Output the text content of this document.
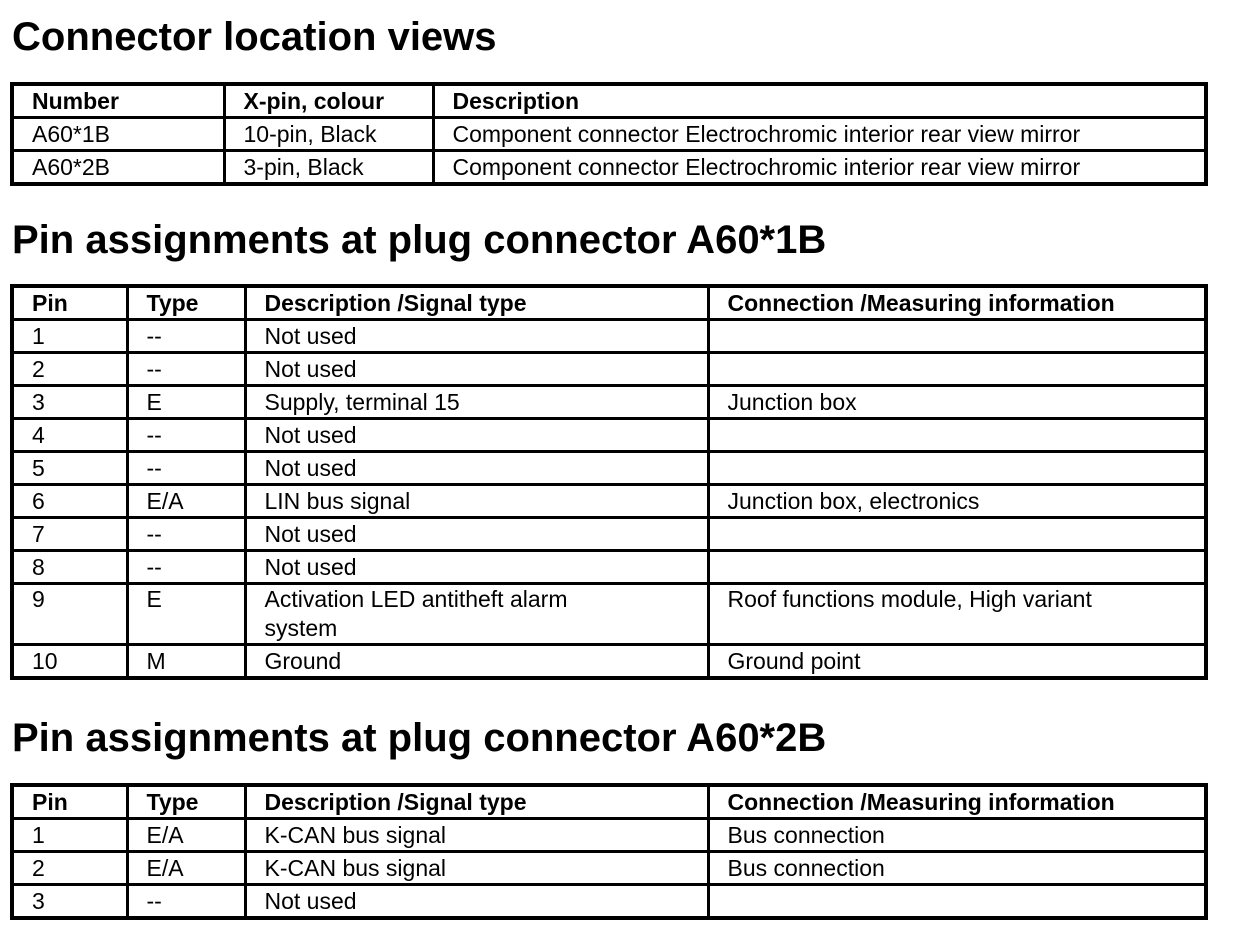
Connector location views
Number	X-pin, colour	Description
A60*1B	10-pin, Black	Component connector Electrochromic interior rear view mirror
A60*2B	3-pin, Black	Component connector Electrochromic interior rear view mirror
Pin assignments at plug connector A60*1B
Pin	Type	Description /Signal type	Connection /Measuring information
1	--	Not used	
2	--	Not used	
3	E	Supply, terminal 15	Junction box
4	--	Not used	
5	--	Not used	
6	E/A	LIN bus signal	Junction box, electronics
7	--	Not used	
8	--	Not used	
9	E	Activation LED antitheft alarm system	Roof functions module, High variant
10	M	Ground	Ground point
Pin assignments at plug connector A60*2B
Pin	Type	Description /Signal type	Connection /Measuring information
1	E/A	K-CAN bus signal	Bus connection
2	E/A	K-CAN bus signal	Bus connection
3	--	Not used	
